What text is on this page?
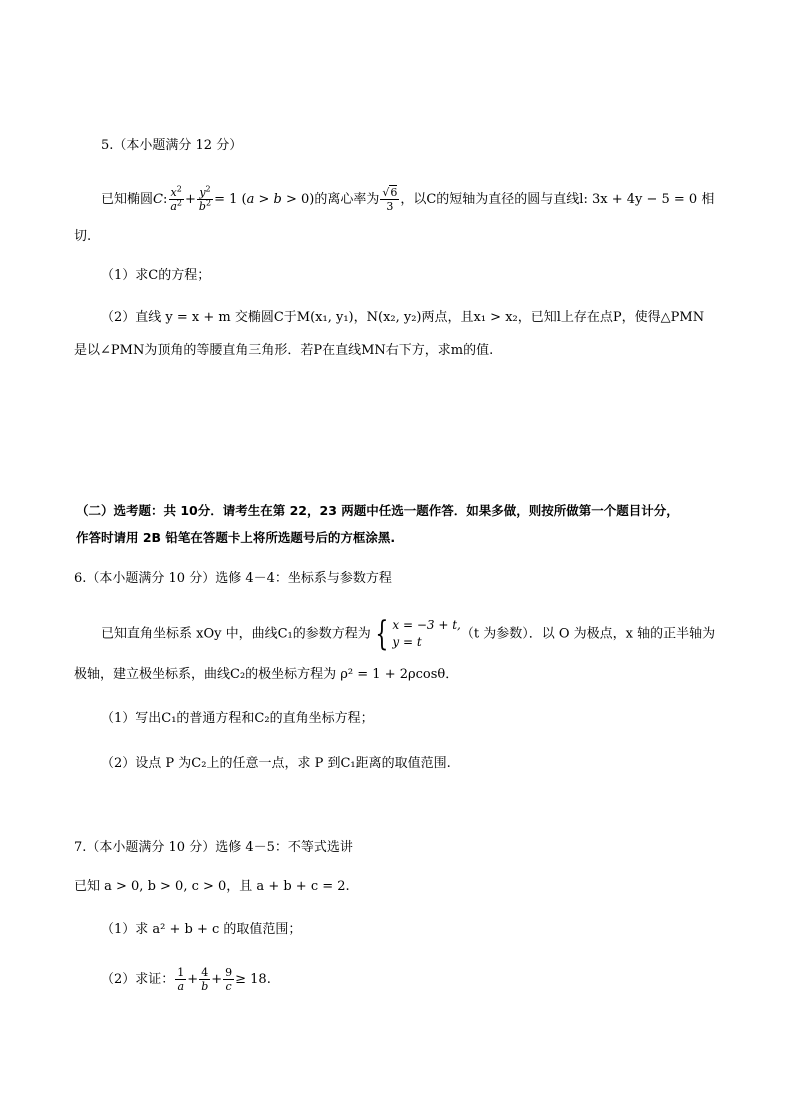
5.（本小题满分 12 分）
已知椭圆C: $\frac{x^2}{a^2} + \frac{y^2}{b^2} = 1$ (a > b > 0)的离心率为 $\frac{√6}{3}$ ，以C的短轴为直径的圆与直线l: 3x + 4y − 5 = 0 相
切.
（1）求C的方程；
（2）直线 y = x + m 交椭圆C于M(x₁, y₁)，N(x₂, y₂)两点，且x₁ > x₂，已知l上存在点P，使得△PMN
是以∠PMN为顶角的等腰直角三角形．若P在直线MN右下方，求m的值.
（二）选考题：共 10分．请考生在第 22，23 两题中任选一题作答．如果多做，则按所做第一个题目计分，
作答时请用 2B 铅笔在答题卡上将所选题号后的方框涂黑.
6.（本小题满分 10 分）选修 4－4：坐标系与参数方程
已知直角坐标系 xOy 中，曲线C₁的参数方程为 { x = −3 + t,
y = t
（t 为参数）．以 O 为极点，x 轴的正半轴为
极轴，建立极坐标系，曲线C₂的极坐标方程为 ρ² = 1 + 2ρcosθ．
（1）写出C₁的普通方程和C₂的直角坐标方程；
（2）设点 P 为C₂上的任意一点，求 P 到C₁距离的取值范围.
7.（本小题满分 10 分）选修 4－5：不等式选讲
已知 a > 0, b > 0, c > 0，且 a + b + c = 2.
（1）求 a² + b + c 的取值范围；
（2）求证： $\frac{1}{a} + \frac{4}{b} + \frac{9}{c} \ge 18$.
